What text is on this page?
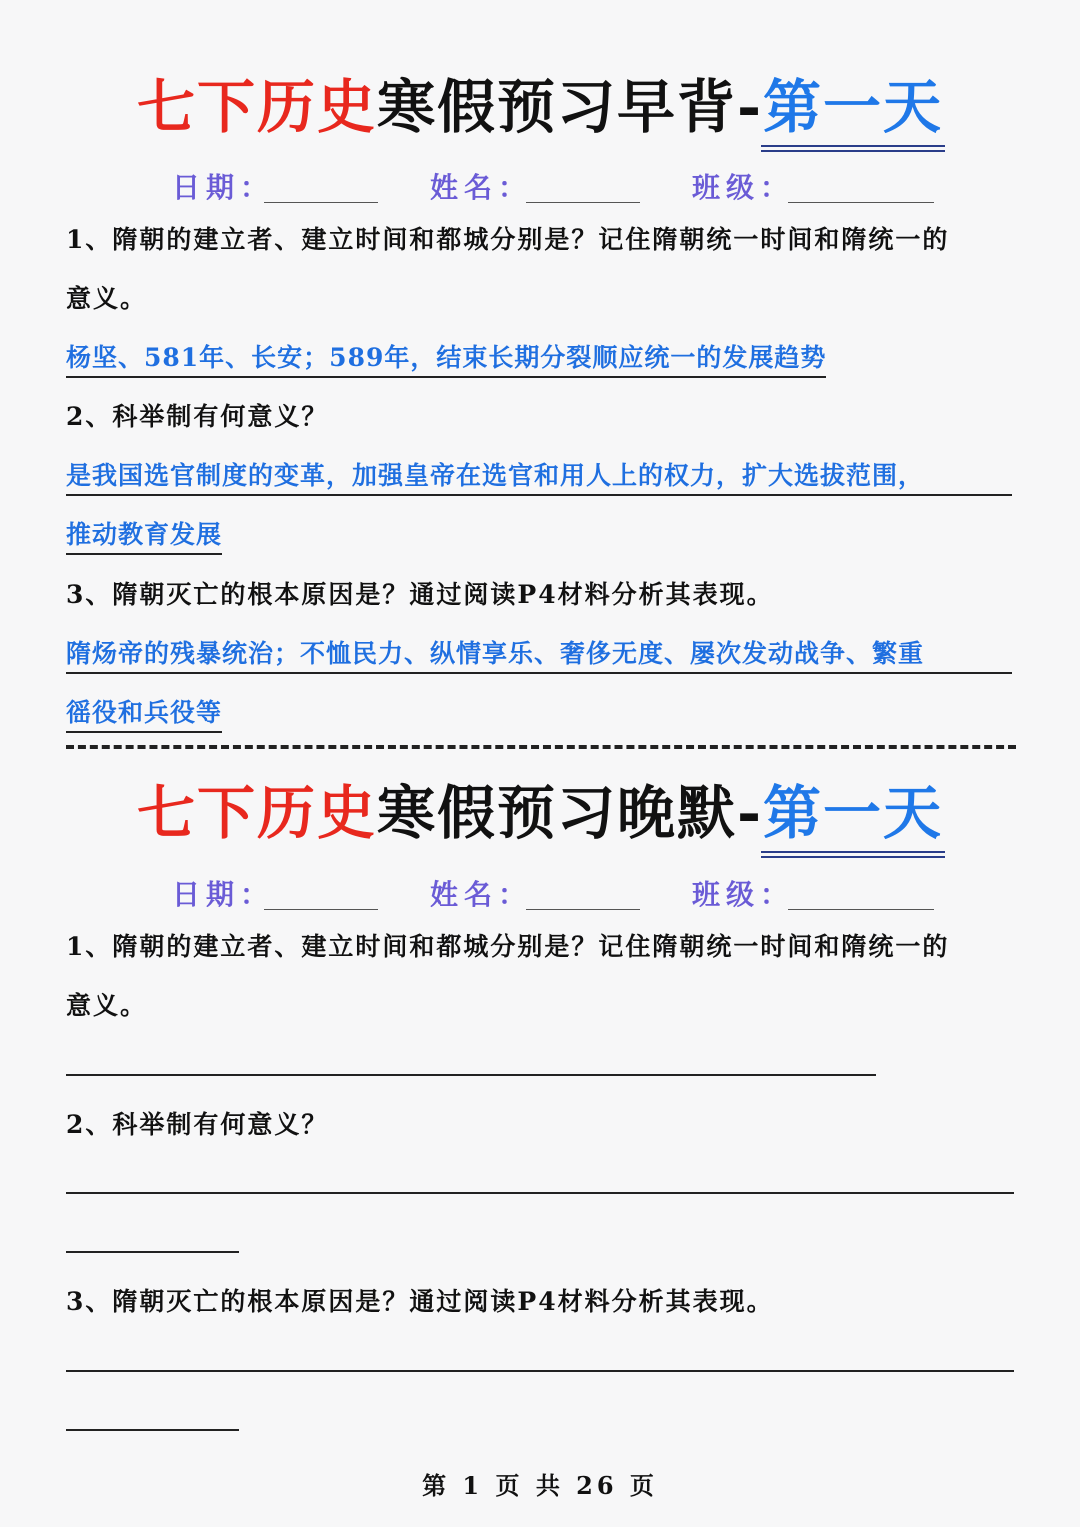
七下历史寒假预习早背-第一天
日期：	姓名：	班级：
1、隋朝的建立者、建立时间和都城分别是？记住隋朝统一时间和隋统一的
意义。
杨坚、581年、长安；589年，结束长期分裂顺应统一的发展趋势
2、科举制有何意义？
是我国选官制度的变革，加强皇帝在选官和用人上的权力，扩大选拔范围，
推动教育发展
3、隋朝灭亡的根本原因是？通过阅读P4材料分析其表现。
隋炀帝的残暴统治；不恤民力、纵情享乐、奢侈无度、屡次发动战争、繁重
徭役和兵役等
七下历史寒假预习晚默-第一天
日期：	姓名：	班级：
1、隋朝的建立者、建立时间和都城分别是？记住隋朝统一时间和隋统一的
意义。
2、科举制有何意义？
3、隋朝灭亡的根本原因是？通过阅读P4材料分析其表现。
第 1 页 共 26 页
